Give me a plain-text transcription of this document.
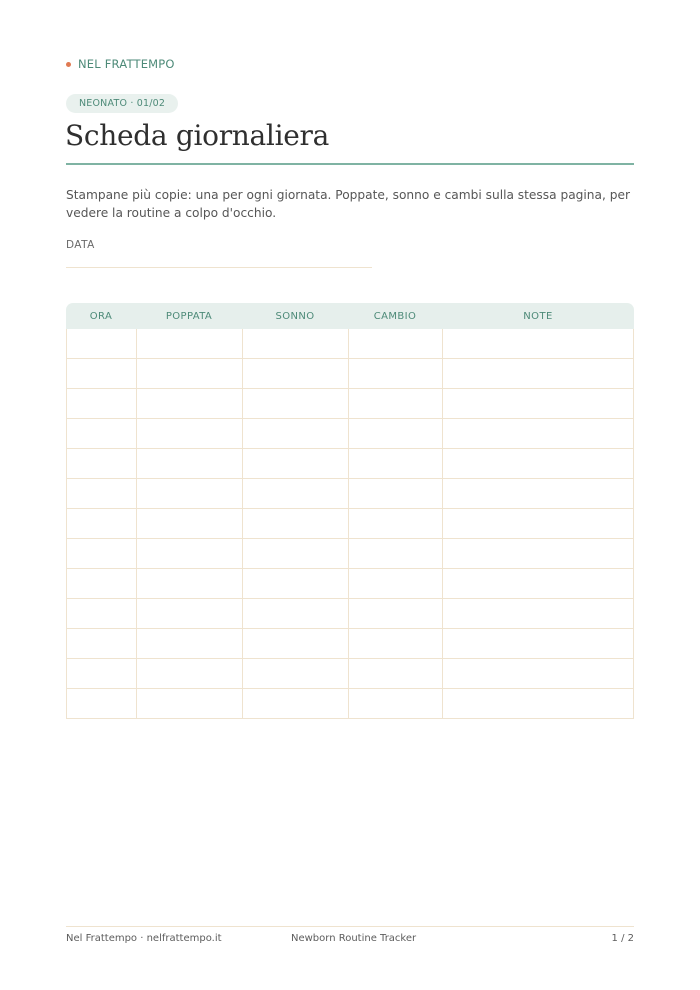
NEL FRATTEMPO
NEONATO · 01/02
Scheda giornaliera

Stampane più copie: una per ogni giornata. Poppate, sonno e cambi sulla stessa pagina, per vedere la routine a colpo d'occhio.

DATA
ORA	POPPATA	SONNO	CAMBIO	NOTE
Nel Frattempo · nelfrattempo.it	Newborn Routine Tracker	1 / 2
